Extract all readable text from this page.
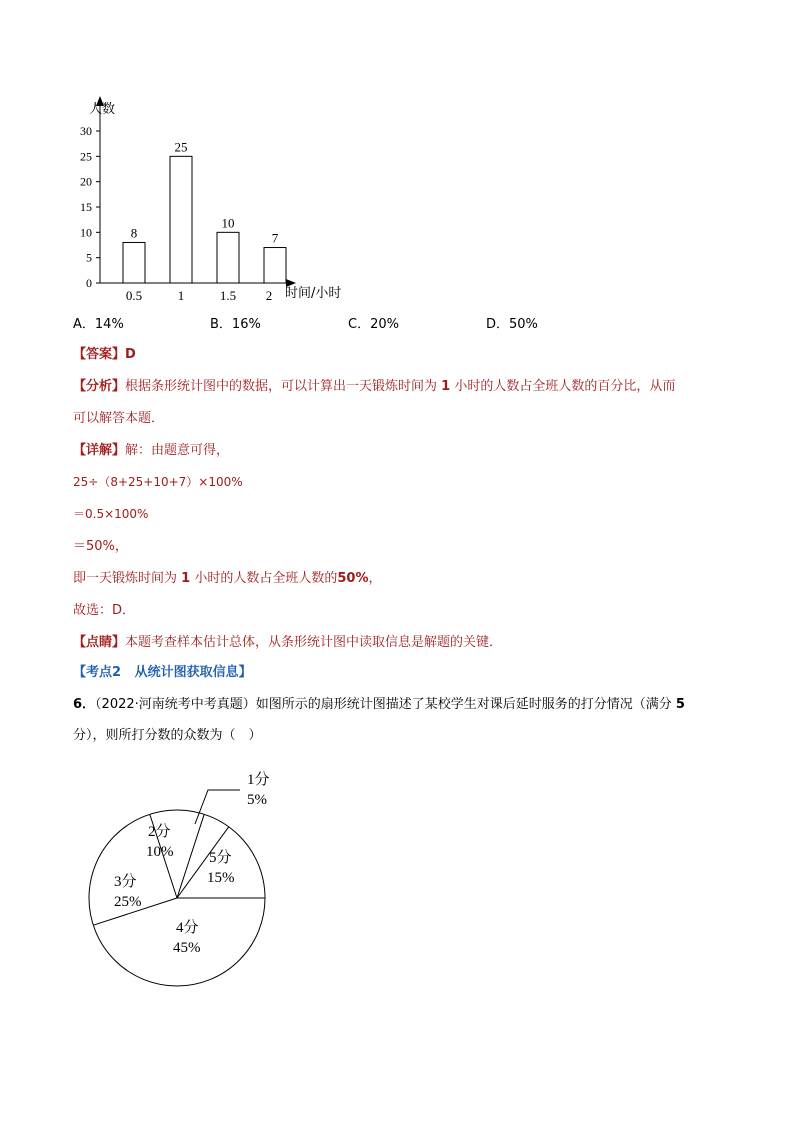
人数
时间/小时
0
5
10
15
20
25
30
8
0.5
25
1
10
1.5
7
2
A．14%	B．16%	C．20%	D．50%
【答案】D
【分析】根据条形统计图中的数据，可以计算出一天锻炼时间为 1 小时的人数占全班人数的百分比，从而
可以解答本题．
【详解】解：由题意可得，
25÷（8+25+10+7）×100%
＝0.5×100%
＝50%，
即一天锻炼时间为 1 小时的人数占全班人数的50%，
故选：D．
【点睛】本题考查样本估计总体，从条形统计图中读取信息是解题的关键．
【考点2 从统计图获取信息】
6．（2022·河南统考中考真题）如图所示的扇形统计图描述了某校学生对课后延时服务的打分情况（满分 5
分），则所打分数的众数为（　）
1分
5%
2分
10%
3分
25%
4分
45%
5分
15%
